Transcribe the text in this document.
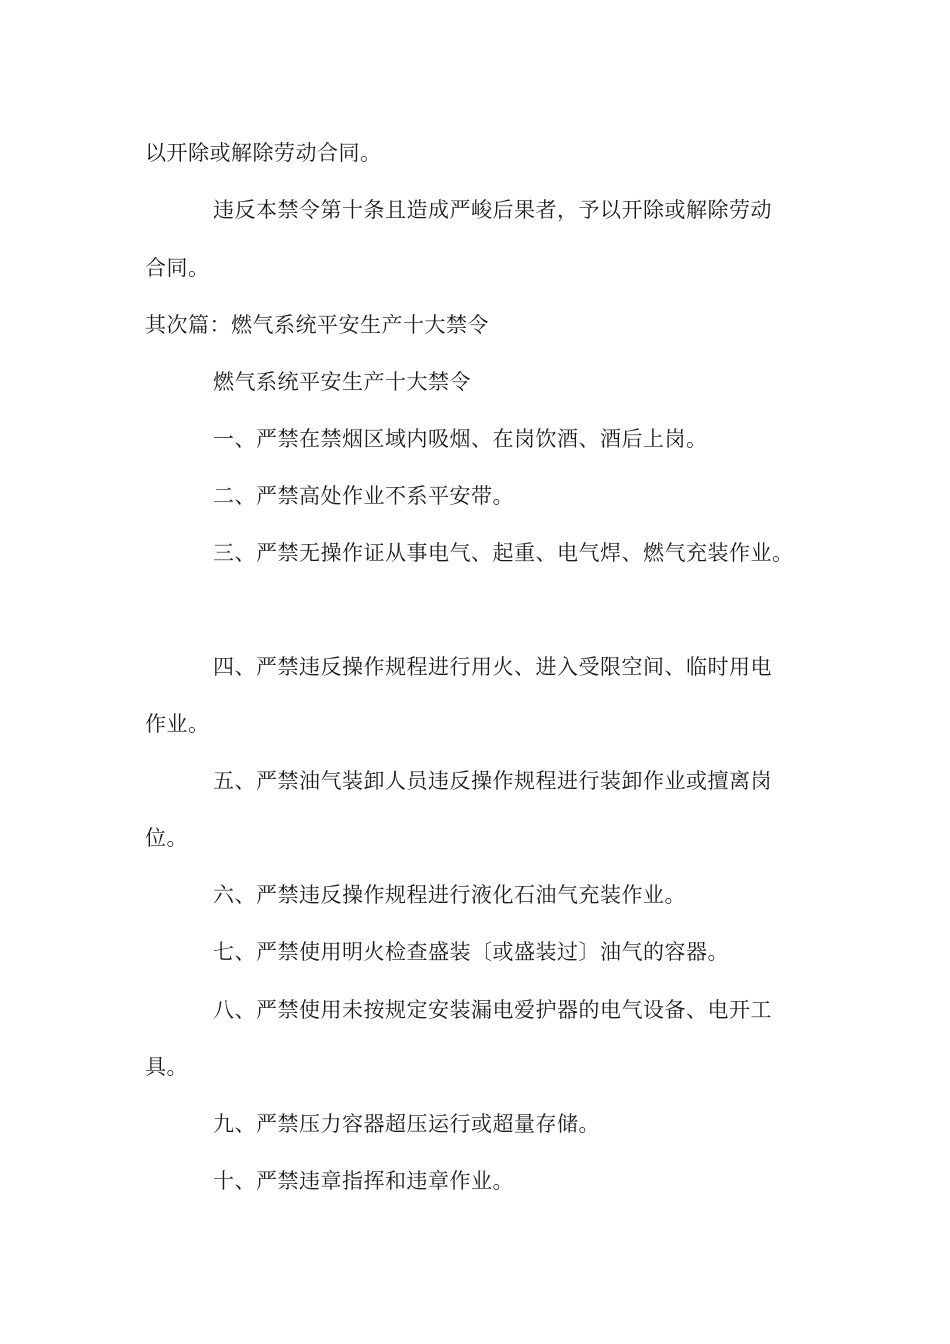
以开除或解除劳动合同。
违反本禁令第十条且造成严峻后果者，予以开除或解除劳动
合同。
其次篇：燃气系统平安生产十大禁令
燃气系统平安生产十大禁令
一、严禁在禁烟区域内吸烟、在岗饮酒、酒后上岗。
二、严禁高处作业不系平安带。
三、严禁无操作证从事电气、起重、电气焊、燃气充装作业。
四、严禁违反操作规程进行用火、进入受限空间、临时用电
作业。
五、严禁油气装卸人员违反操作规程进行装卸作业或擅离岗
位。
六、严禁违反操作规程进行液化石油气充装作业。
七、严禁使用明火检查盛装〔或盛装过〕油气的容器。
八、严禁使用未按规定安装漏电爱护器的电气设备、电开工
具。
九、严禁压力容器超压运行或超量存储。
十、严禁违章指挥和违章作业。
